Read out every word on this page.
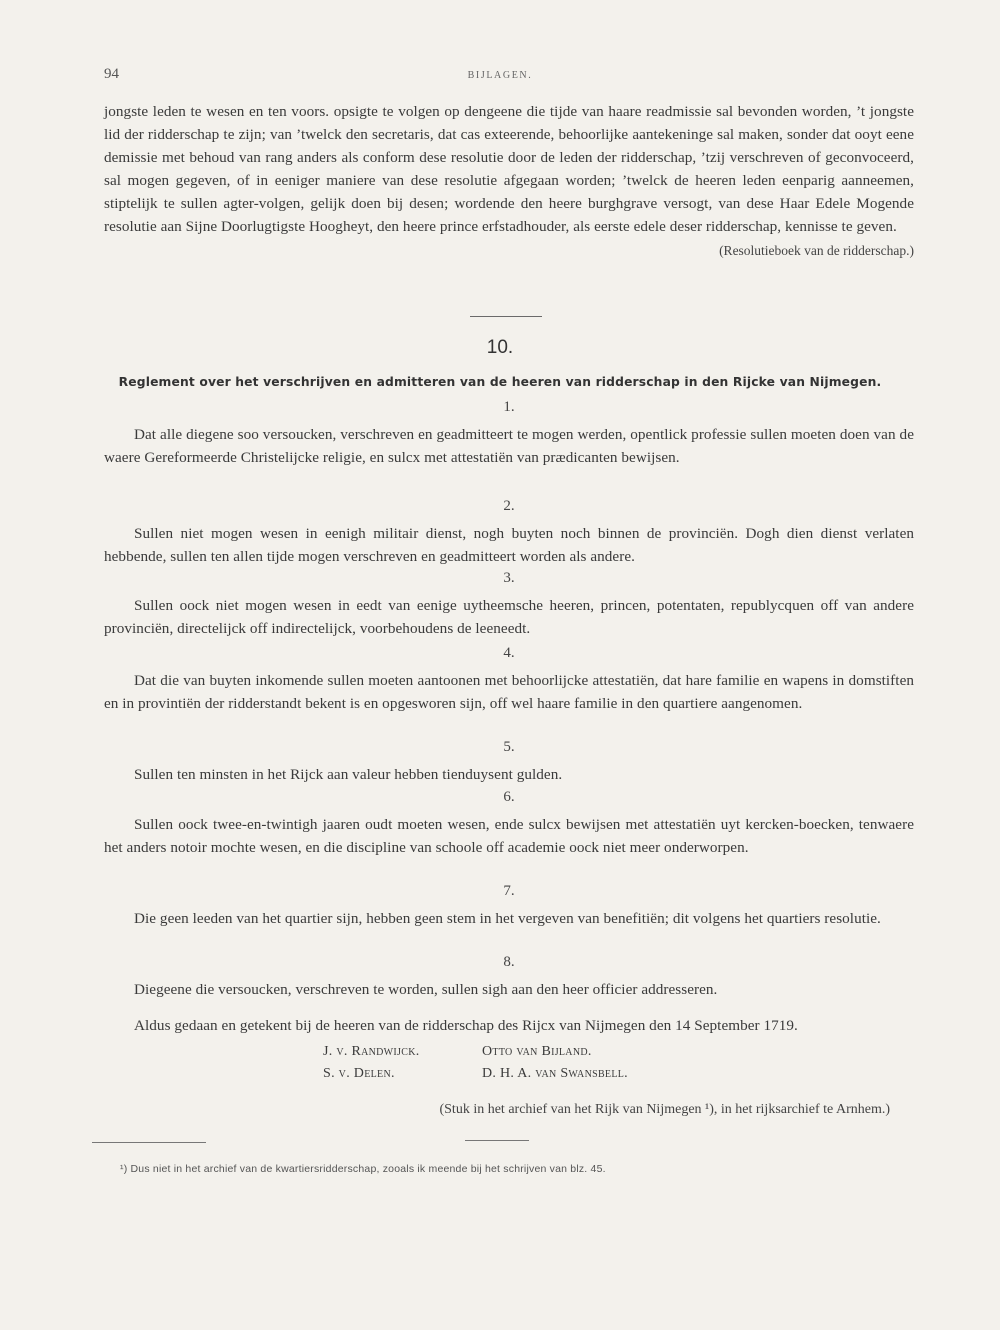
94	BIJLAGEN.

jongste leden te wesen en ten voors. opsigte te volgen op dengeene die tijde van haare readmissie sal bevonden worden, ’t jongste lid der ridderschap te zijn; van ’twelck den secretaris, dat cas exteerende, behoorlijke aantekeninge sal maken, sonder dat ooyt eene demissie met behoud van rang anders als conform dese resolutie door de leden der ridderschap, ’tzij verschreven of geconvoceerd, sal mogen gegeven, of in eeniger maniere van dese resolutie afgegaan worden; ’twelck de heeren leden eenparig aanneemen, stiptelijk te sullen agter-volgen, gelijk doen bij desen; wordende den heere burghgrave versogt, van dese Haar Edele Mogende resolutie aan Sijne Doorlugtigste Hoogheyt, den heere prince erfstadhouder, als eerste edele deser ridderschap, kennisse te geven.

(Resolutieboek van de ridderschap.)

10.
Reglement over het verschrijven en admitteren van de heeren van ridderschap in den Rijcke van Nijmegen.
1.

Dat alle diegene soo versoucken, verschreven en geadmitteert te mogen werden, opentlick professie sullen moeten doen van de waere Gereformeerde Christelijcke religie, en sulcx met attestatiën van prædicanten bewijsen.

2.

Sullen niet mogen wesen in eenigh militair dienst, nogh buyten noch binnen de provinciën. Dogh dien dienst verlaten hebbende, sullen ten allen tijde mogen verschreven en geadmitteert worden als andere.

3.

Sullen oock niet mogen wesen in eedt van eenige uytheemsche heeren, princen, potentaten, republycquen off van andere provinciën, directelijck off indirectelijck, voorbehoudens de leeneedt.

4.

Dat die van buyten inkomende sullen moeten aantoonen met behoorlijcke attestatiën, dat hare familie en wapens in domstiften en in provintiën der ridderstandt bekent is en opgesworen sijn, off wel haare familie in den quartiere aangenomen.

5.

Sullen ten minsten in het Rijck aan valeur hebben tienduysent gulden.

6.

Sullen oock twee-en-twintigh jaaren oudt moeten wesen, ende sulcx bewijsen met attestatiën uyt kercken-boecken, tenwaere het anders notoir mochte wesen, en die discipline van schoole off academie oock niet meer onderworpen.

7.

Die geen leeden van het quartier sijn, hebben geen stem in het vergeven van benefitiën; dit volgens het quartiers resolutie.

8.

Diegeene die versoucken, verschreven te worden, sullen sigh aan den heer officier addresseren.

Aldus gedaan en getekent bij de heeren van de ridderschap des Rijcx van Nijmegen den 14 September 1719.

J. v. Randwijck.	Otto van Bijland.
S. v. Delen.	D. H. A. van Swansbell.
(Stuk in het archief van het Rijk van Nijmegen ¹), in het rijksarchief te Arnhem.)
¹) Dus niet in het archief van de kwartiersridderschap, zooals ik meende bij het schrijven van blz. 45.
